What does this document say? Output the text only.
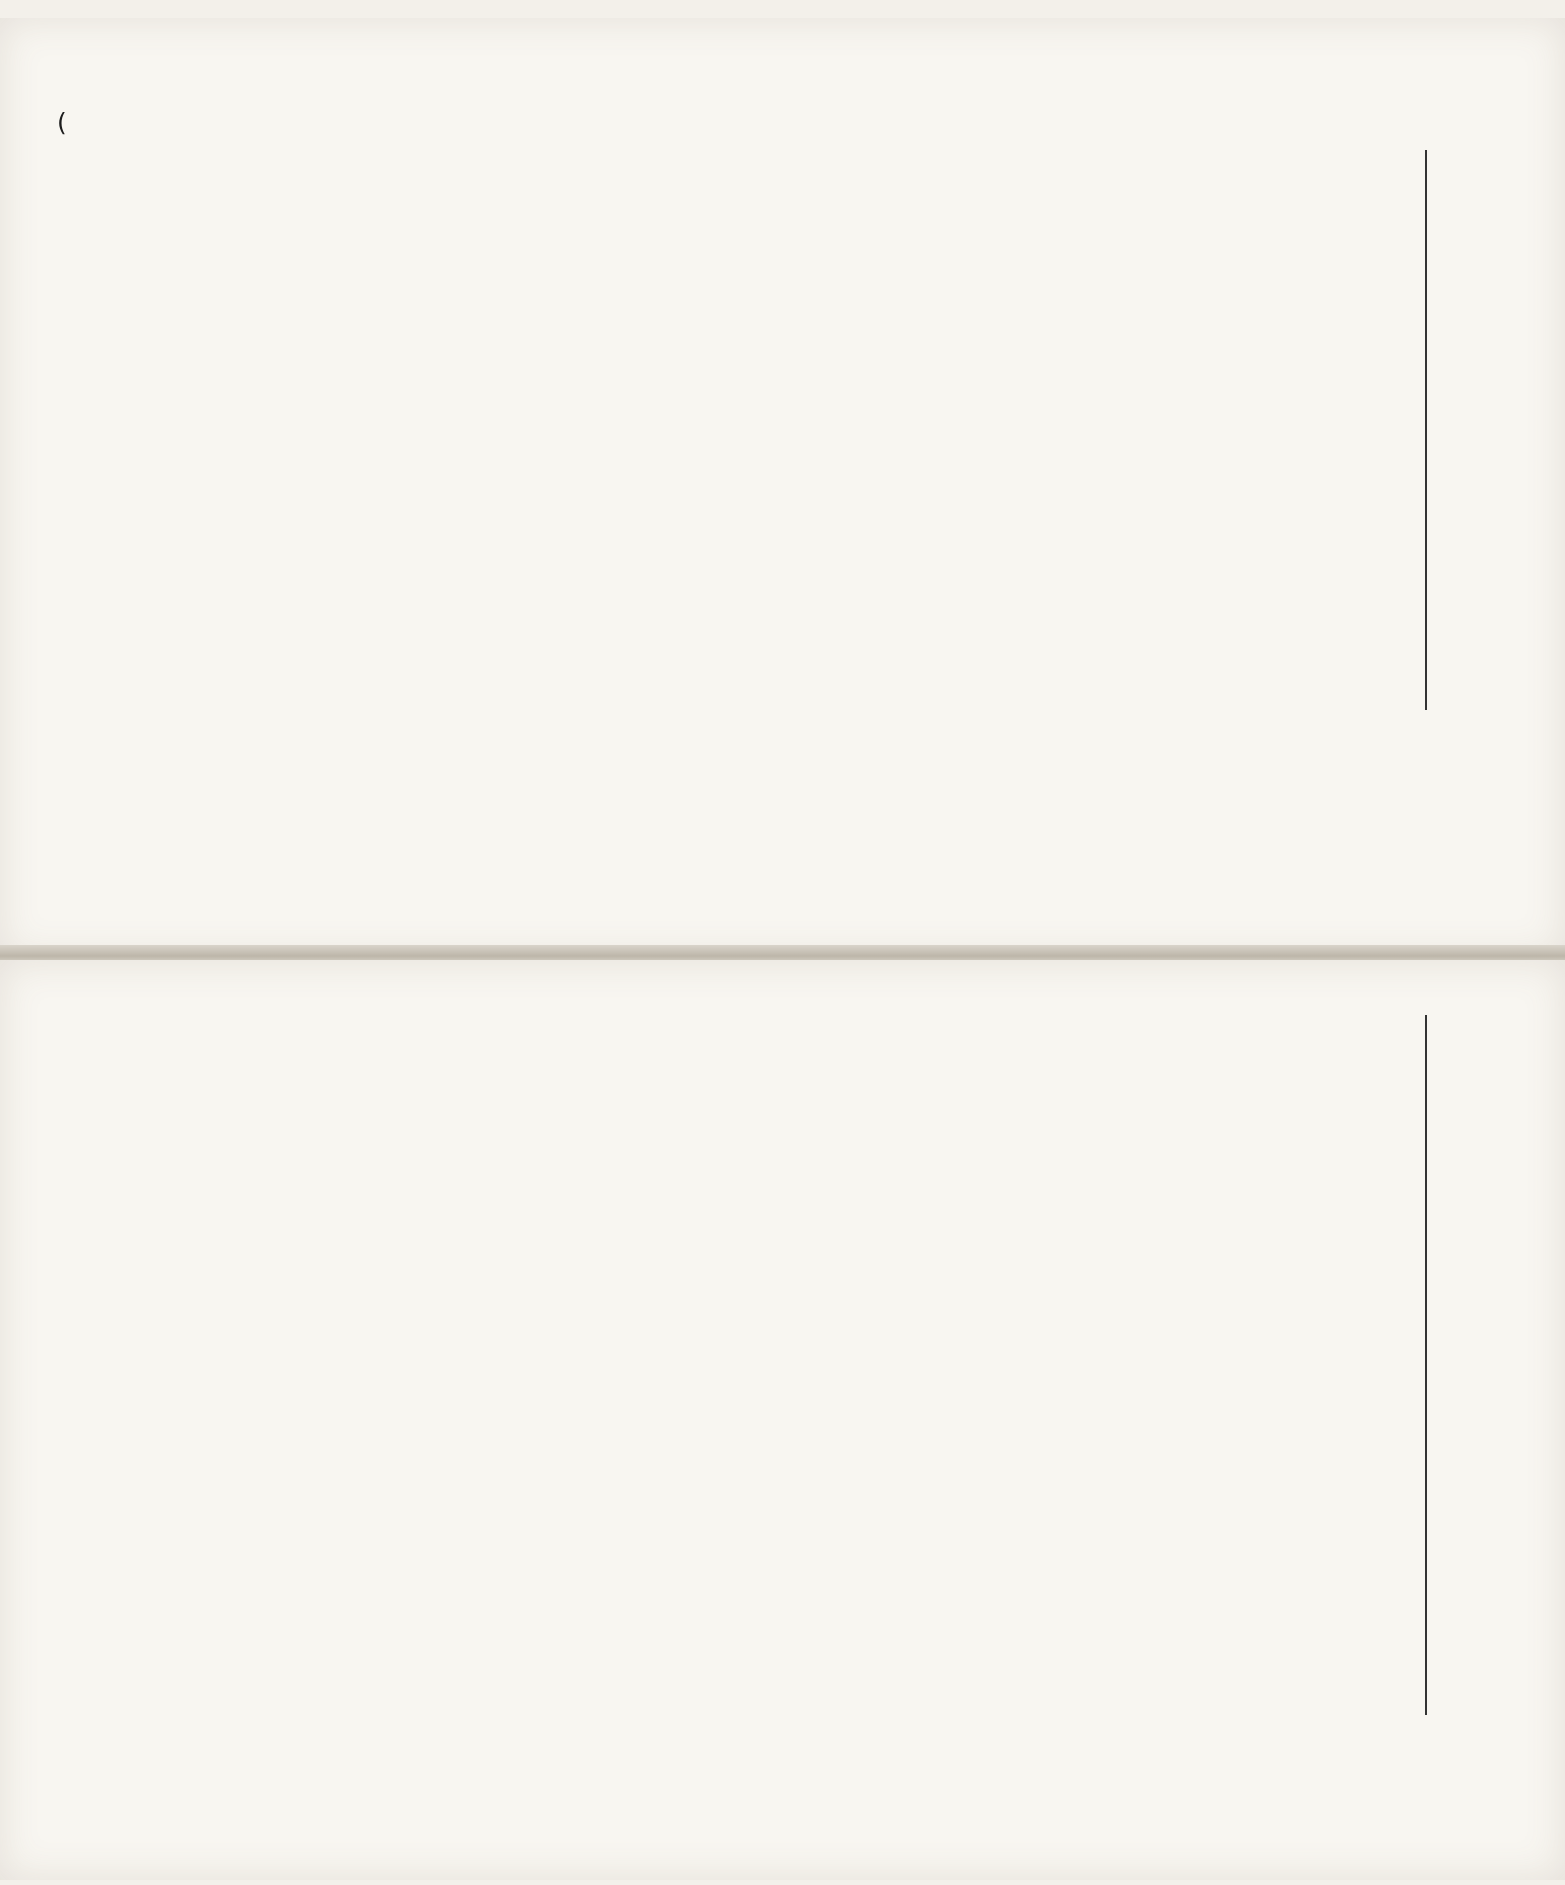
(
